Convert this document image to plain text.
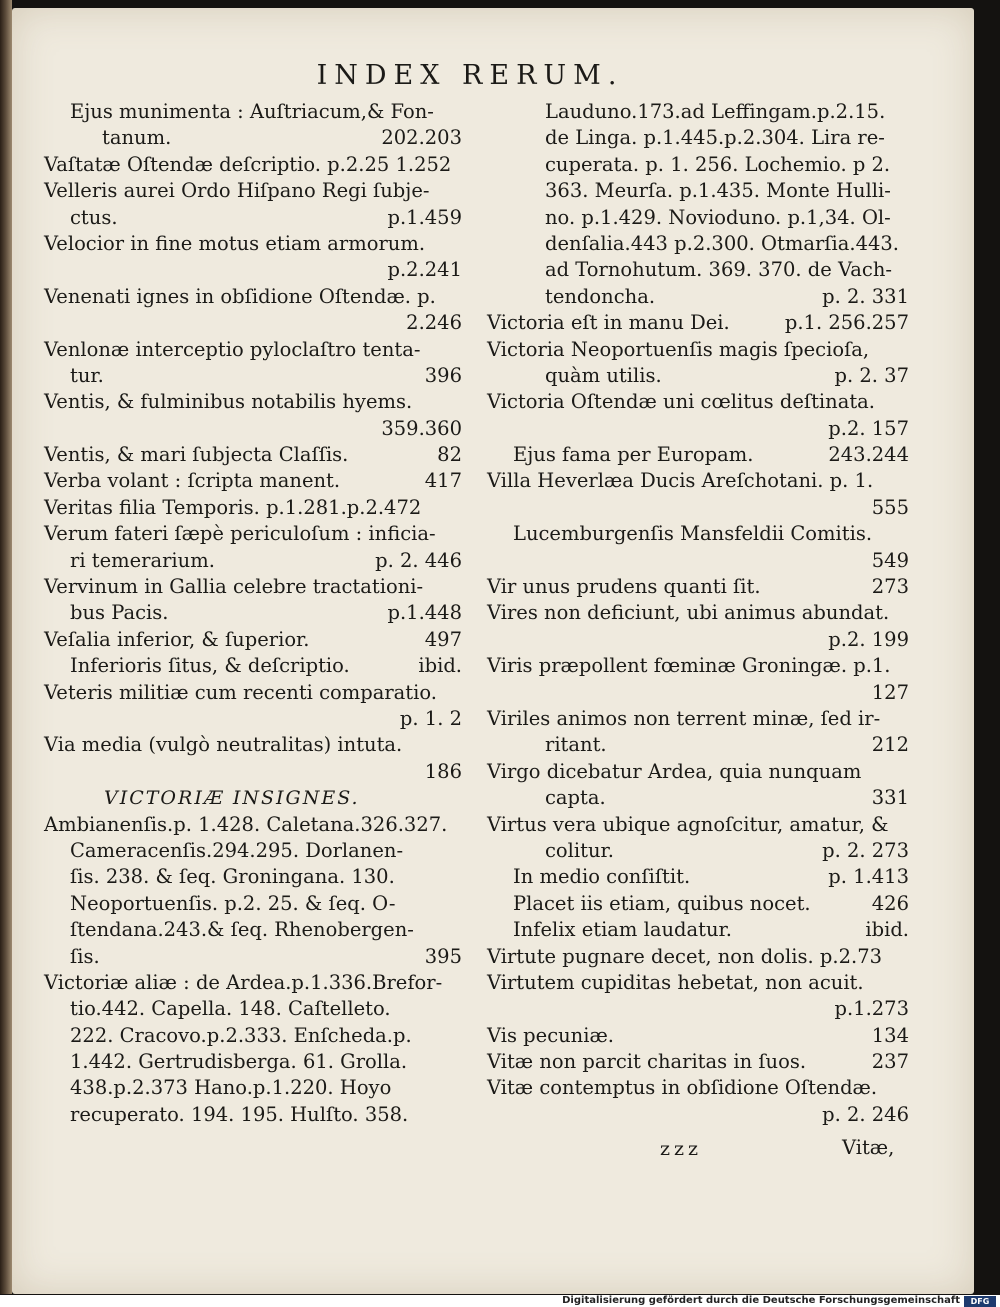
INDEX RERUM.
Ejus munimenta : Auſtriacum,& Fon-
tanum.	202.203
Vaſtatæ Oſtendæ deſcriptio. p.2.25 1.252
Velleris aurei Ordo Hiſpano Regi ſubje-
ctus.	p.1.459
Velocior in fine motus etiam armorum.
p.2.241
Venenati ignes in obſidione Oſtendæ. p.
2.246
Venlonæ interceptio pyloclaſtro tenta-
tur.	396
Ventis, & fulminibus notabilis hyems.
359.360
Ventis, & mari ſubjecta Claſſis.	82
Verba volant : ſcripta manent.	417
Veritas filia Temporis. p.1.281.p.2.472
Verum fateri ſæpè periculoſum : inficia-
ri temerarium.	p. 2. 446
Vervinum in Gallia celebre tractationi-
bus Pacis.	p.1.448
Veſalia inferior, & ſuperior.	497
Inferioris ſitus, & deſcriptio.	ibid.
Veteris militiæ cum recenti comparatio.
p. 1. 2
Via media (vulgò neutralitas) intuta.
186
VICTORIÆ INSIGNES.
Ambianenſis.p. 1.428. Caletana.326.327.
Cameracenſis.294.295. Dorlanen-
ſis. 238. & ſeq. Groningana. 130.
Neoportuenſis. p.2. 25. & ſeq. O-
ſtendana.243.& ſeq. Rhenobergen-
ſis.	395
Victoriæ aliæ : de Ardea.p.1.336.Brefor-
tio.442. Capella. 148. Caſtelleto.
222. Cracovo.p.2.333. Enſcheda.p.
1.442. Gertrudisberga. 61. Grolla.
438.p.2.373 Hano.p.1.220. Hoyo
recuperato. 194. 195. Hulſto. 358.
Lauduno.173.ad Leffingam.p.2.15.
de Linga. p.1.445.p.2.304. Lira re-
cuperata. p. 1. 256. Lochemio. p 2.
363. Meurſa. p.1.435. Monte Hulli-
no. p.1.429. Novioduno. p.1,34. Ol-
denſalia.443 p.2.300. Otmarſia.443.
ad Tornohutum. 369. 370. de Vach-
tendoncha.	p. 2. 331
Victoria eſt in manu Dei.	p.1. 256.257
Victoria Neoportuenſis magis ſpecioſa,
quàm utilis.	p. 2. 37
Victoria Oſtendæ uni cœlitus deſtinata.
p.2. 157
Ejus fama per Europam.	243.244
Villa Heverlæa Ducis Areſchotani. p. 1.
555
Lucemburgenſis Mansfeldii Comitis.
549
Vir unus prudens quanti ſit.	273
Vires non deficiunt, ubi animus abundat.
p.2. 199
Viris præpollent fœminæ Groningæ. p.1.
127
Viriles animos non terrent minæ, ſed ir-
ritant.	212
Virgo dicebatur Ardea, quia nunquam
capta.	331
Virtus vera ubique agnoſcitur, amatur, &
colitur.	p. 2. 273
In medio conſiſtit.	p. 1.413
Placet iis etiam, quibus nocet.	426
Infelix etiam laudatur.	ibid.
Virtute pugnare decet, non dolis. p.2.73
Virtutem cupiditas hebetat, non acuit.
p.1.273
Vis pecuniæ.	134
Vitæ non parcit charitas in ſuos.	237
Vitæ contemptus in obſidione Oſtendæ.
p. 2. 246
zzz	Vitæ,
Digitalisierung gefördert durch die Deutsche Forschungsgemeinschaft	DFG
